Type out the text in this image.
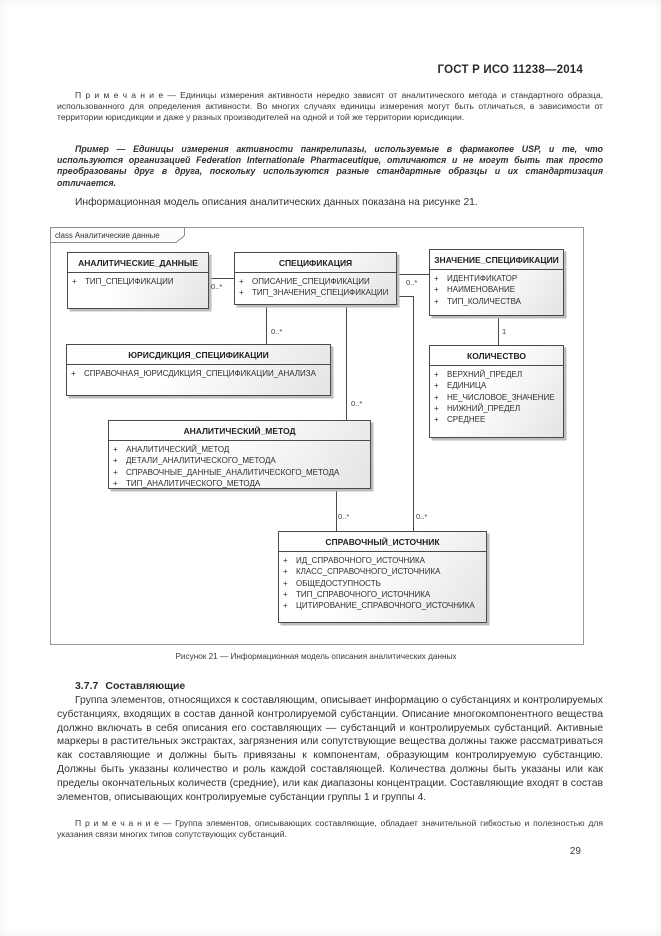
ГОСТ Р ИСО 11238—2014

П р и м е ч а н и е — Единицы измерения активности нередко зависят от аналитического метода и стандартного образца, использованного для определения активности. Во многих случаях единицы измерения могут быть отличаться, в зависимости от территории юрисдикции и даже у разных производителей на одной и той же территории юрисдикции.

Пример — Единицы измерения активности панкрелипазы, используемые в фармакопее USP, и те, что используются организацией Federation Internationale Pharmaceutique, отличаются и не могут быть так просто преобразованы друг в друга, поскольку используются разные стандартные образцы и их стандартизация отличается.

Информационная модель описания аналитических данных показана на рисунке 21.

class Аналитические данные
АНАЛИТИЧЕСКИЕ_ДАННЫЕ
+	ТИП_СПЕЦИФИКАЦИИ
СПЕЦИФИКАЦИЯ
+	ОПИСАНИЕ_СПЕЦИФИКАЦИИ
+	ТИП_ЗНАЧЕНИЯ_СПЕЦИФИКАЦИИ
ЗНАЧЕНИЕ_СПЕЦИФИКАЦИИ
+	ИДЕНТИФИКАТОР
+	НАИМЕНОВАНИЕ
+	ТИП_КОЛИЧЕСТВА
ЮРИСДИКЦИЯ_СПЕЦИФИКАЦИИ
+	СПРАВОЧНАЯ_ЮРИСДИКЦИЯ_СПЕЦИФИКАЦИИ_АНАЛИЗА
КОЛИЧЕСТВО
+	ВЕРХНИЙ_ПРЕДЕЛ
+	ЕДИНИЦА
+	НЕ_ЧИСЛОВОЕ_ЗНАЧЕНИЕ
+	НИЖНИЙ_ПРЕДЕЛ
+	СРЕДНЕЕ
АНАЛИТИЧЕСКИЙ_МЕТОД
+	АНАЛИТИЧЕСКИЙ_МЕТОД
+	ДЕТАЛИ_АНАЛИТИЧЕСКОГО_МЕТОДА
+	СПРАВОЧНЫЕ_ДАННЫЕ_АНАЛИТИЧЕСКОГО_МЕТОДА
+	ТИП_АНАЛИТИЧЕСКОГО_МЕТОДА
СПРАВОЧНЫЙ_ИСТОЧНИК
+	ИД_СПРАВОЧНОГО_ИСТОЧНИКА
+	КЛАСС_СПРАВОЧНОГО_ИСТОЧНИКА
+	ОБЩЕДОСТУПНОСТЬ
+	ТИП_СПРАВОЧНОГО_ИСТОЧНИКА
+	ЦИТИРОВАНИЕ_СПРАВОЧНОГО_ИСТОЧНИКА
0..*	0..*
0..*
0..*
0..*
0..*
1
Рисунок 21 — Информационная модель описания аналитических данных
3.7.7 Составляющие

Группа элементов, относящихся к составляющим, описывает информацию о субстанциях и контролируемых субстанциях, входящих в состав данной контролируемой субстанции. Описание многокомпонентного вещества должно включать в себя описания его составляющих — субстанций и контролируемых субстанций. Активные маркеры в растительных экстрактах, загрязнения или сопутствующие вещества должны также рассматриваться как составляющие и должны быть привязаны к компонентам, образующим контролируемую субстанцию. Должны быть указаны количество и роль каждой составляющей. Количества должны быть указаны или как пределы окончательных количеств (средние), или как диапазоны концентрации. Составляющие входят в состав элементов, описывающих контролируемые субстанции группы 1 и группы 4.

П р и м е ч а н и е — Группа элементов, описывающих составляющие, обладает значительной гибкостью и полезностью для указания связи многих типов сопутствующих субстанций.

29
